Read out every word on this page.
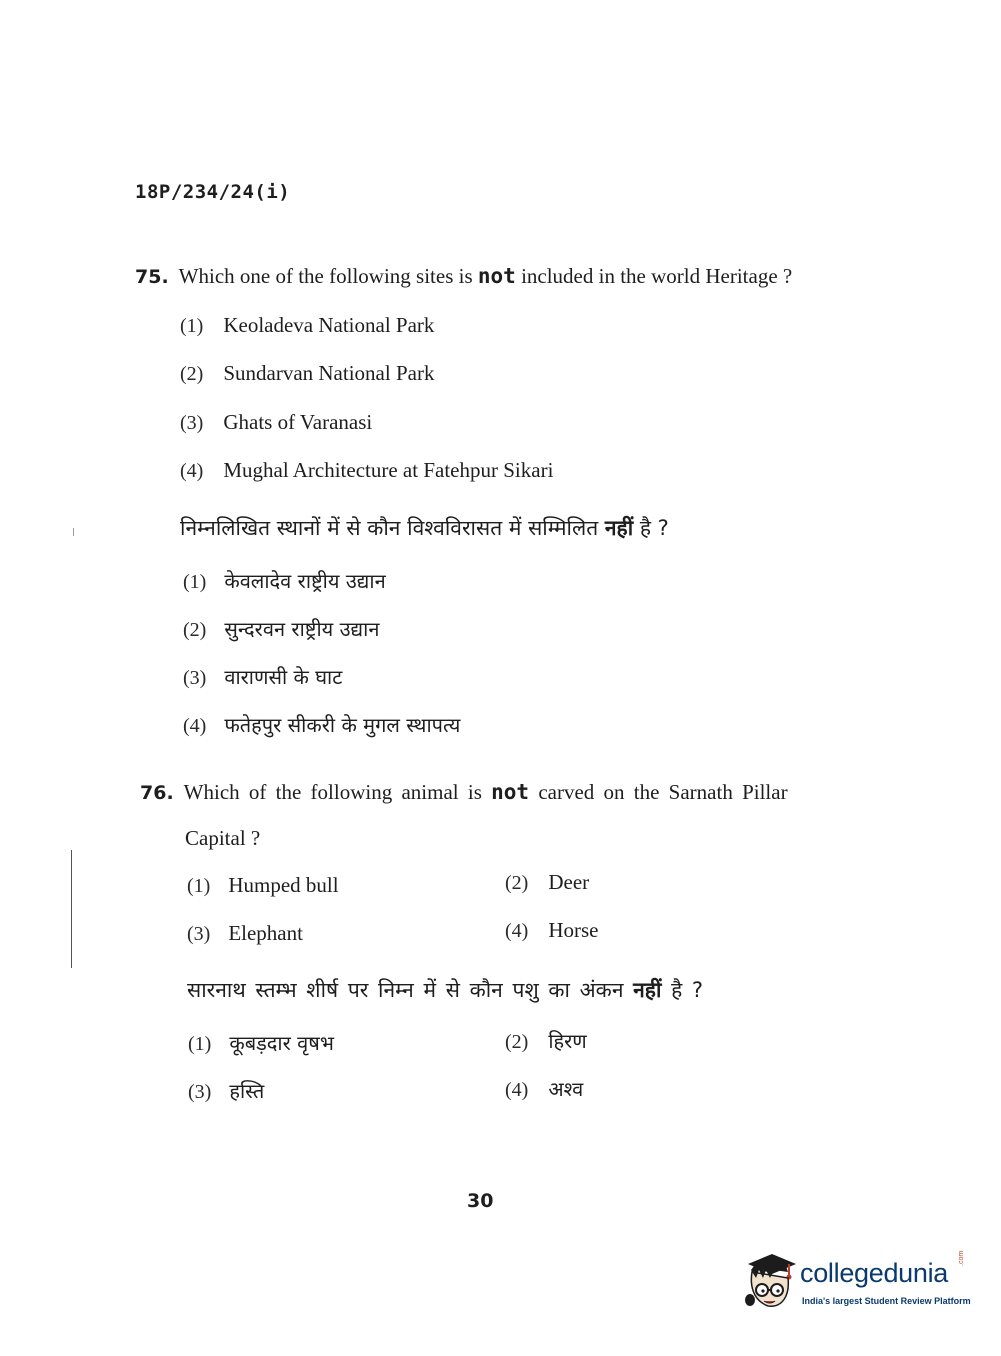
18P/234/24(i)
75. Which one of the following sites is not included in the world Heritage ?
(1) Keoladeva National Park
(2) Sundarvan National Park
(3) Ghats of Varanasi
(4) Mughal Architecture at Fatehpur Sikari
निम्नलिखित स्थानों में से कौन विश्वविरासत में सम्मिलित नहीं है ?
(1) केवलादेव राष्ट्रीय उद्यान
(2) सुन्दरवन राष्ट्रीय उद्यान
(3) वाराणसी के घाट
(4) फतेहपुर सीकरी के मुगल स्थापत्य
76. Which of the following animal is not carved on the Sarnath Pillar
Capital ?
(1) Humped bull	(2) Deer
(3) Elephant	(4) Horse
सारनाथ स्तम्भ शीर्ष पर निम्न में से कौन पशु का अंकन नहीं है ?
(1) कूबड़दार वृषभ	(2) हिरण
(3) हस्ति	(4) अश्व
30
collegedunia .com
India's largest Student Review Platform
